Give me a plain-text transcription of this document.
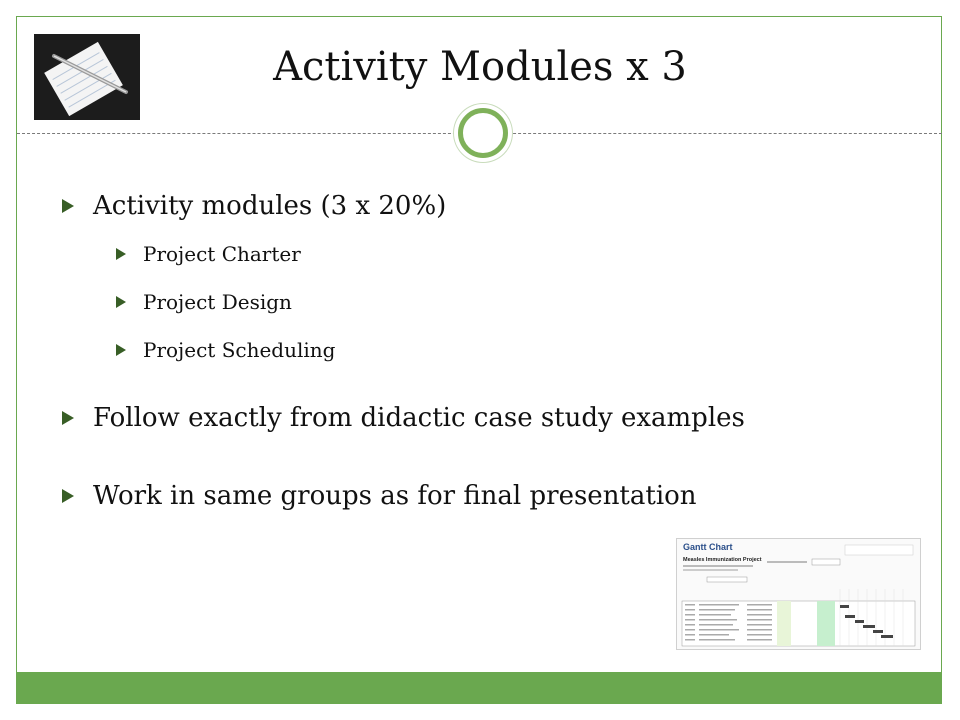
Activity Modules x 3
Activity modules (3 x 20%)
Project Charter
Project Design
Project Scheduling
Follow exactly from didactic case study examples
Work in same groups as for final presentation
Gantt Chart
Measles Immunization Project
